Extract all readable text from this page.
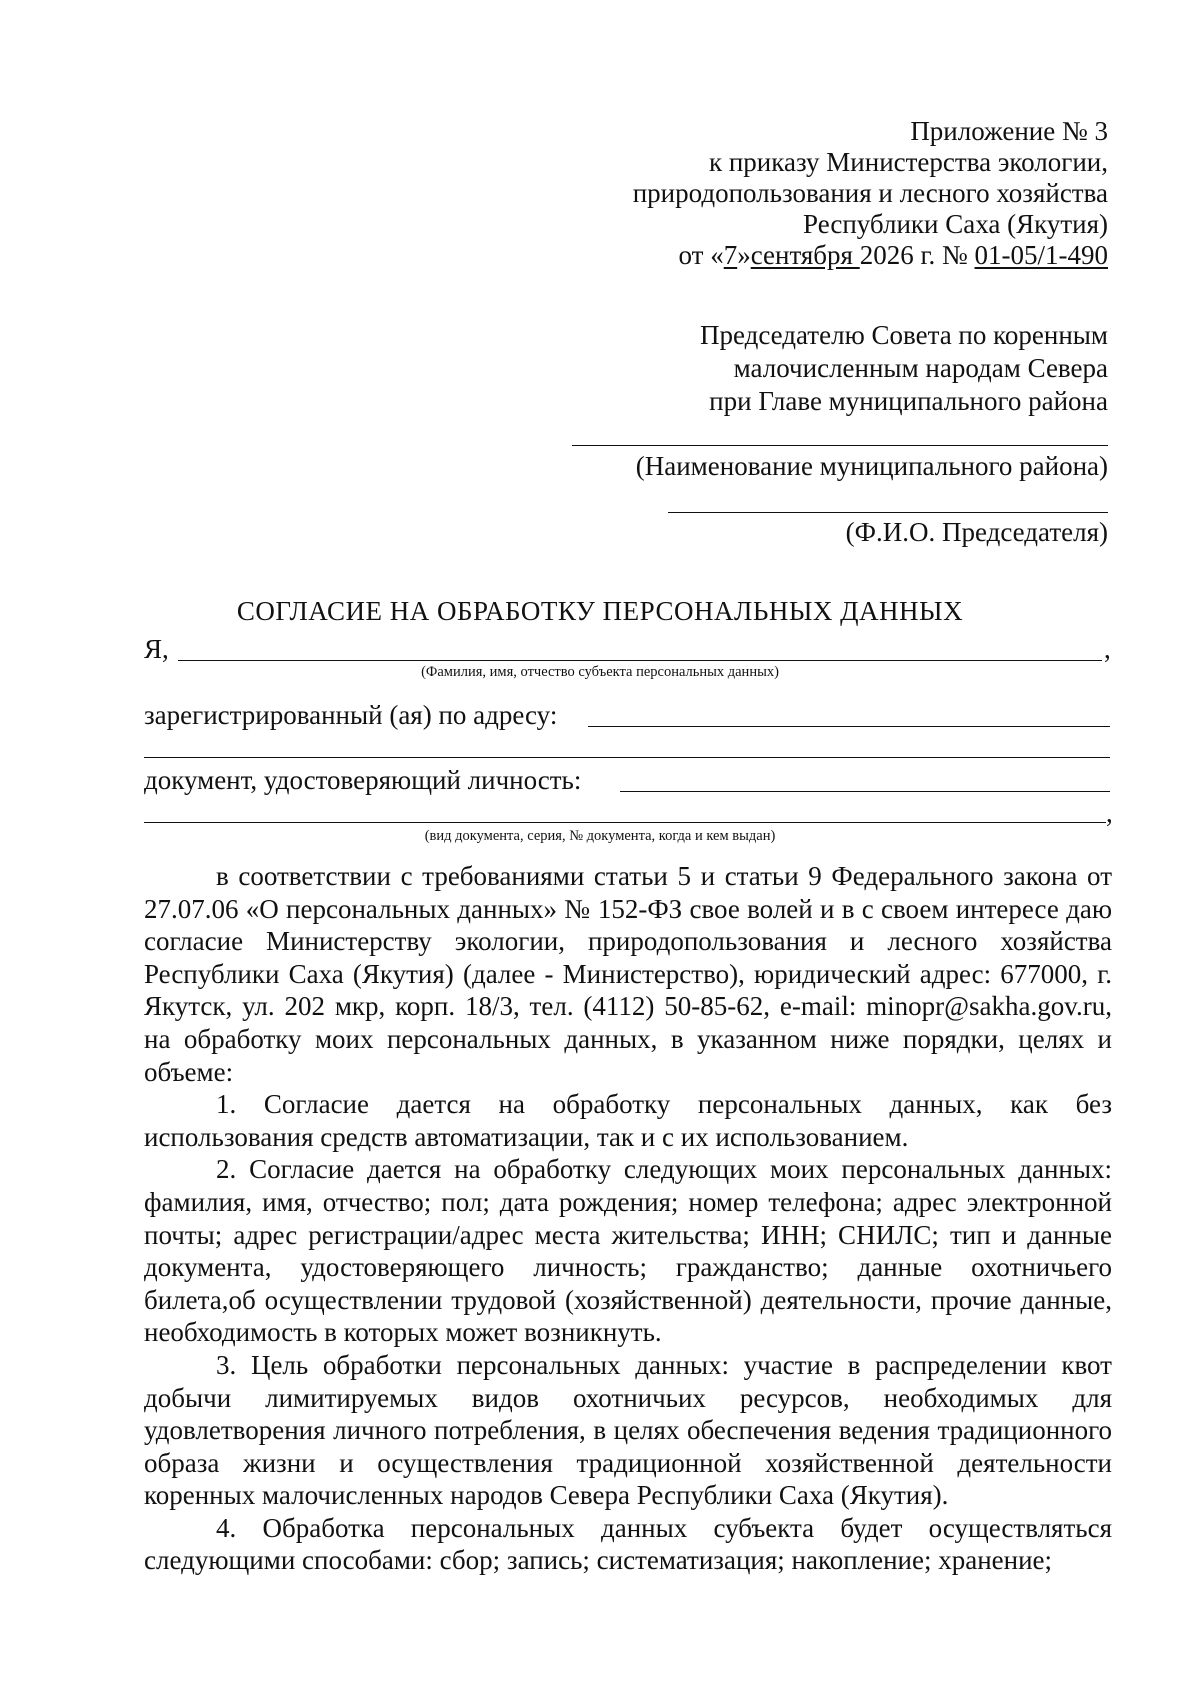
Приложение № 3
к приказу Министерства экологии,
природопользования и лесного хозяйства
Республики Саха (Якутия)
от «7»сентября 2026 г. № 01-05/1-490
Председателю Совета по коренным
малочисленным народам Севера
при Главе муниципального района
(Наименование муниципального района)
(Ф.И.О. Председателя)
СОГЛАСИЕ НА ОБРАБОТКУ ПЕРСОНАЛЬНЫХ ДАННЫХ
Я,	,
(Фамилия, имя, отчество субъекта персональных данных)
зарегистрированный (ая) по адресу:
документ, удостоверяющий личность:
,
(вид документа, серия, № документа, когда и кем выдан)

в соответствии с требованиями статьи 5 и статьи 9 Федерального закона от 27.07.06 «О персональных данных» № 152-ФЗ свое волей и в с своем интересе даю согласие Министерству экологии, природопользования и лесного хозяйства Республики Саха (Якутия) (далее - Министерство), юридический адрес: 677000, г. Якутск, ул. 202 мкр, корп. 18/3, тел. (4112) 50-85-62, e-mail: minopr@sakha.gov.ru, на обработку моих персональных данных, в указанном ниже порядки, целях и объеме:

1. Согласие дается на обработку персональных данных, как без использования средств автоматизации, так и с их использованием.

2. Согласие дается на обработку следующих моих персональных данных: фамилия, имя, отчество; пол; дата рождения; номер телефона; адрес электронной почты; адрес регистрации/адрес места жительства; ИНН; СНИЛС; тип и данные документа, удостоверяющего личность; гражданство; данные охотничьего билета,об осуществлении трудовой (хозяйственной) деятельности, прочие данные, необходимость в которых может возникнуть.

3. Цель обработки персональных данных: участие в распределении квот добычи лимитируемых видов охотничьих ресурсов, необходимых для удовлетворения личного потребления, в целях обеспечения ведения традиционного образа жизни и осуществления традиционной хозяйственной деятельности коренных малочисленных народов Севера Республики Саха (Якутия).

4. Обработка персональных данных субъекта будет осуществляться следующими способами: сбор; запись; систематизация; накопление; хранение;
